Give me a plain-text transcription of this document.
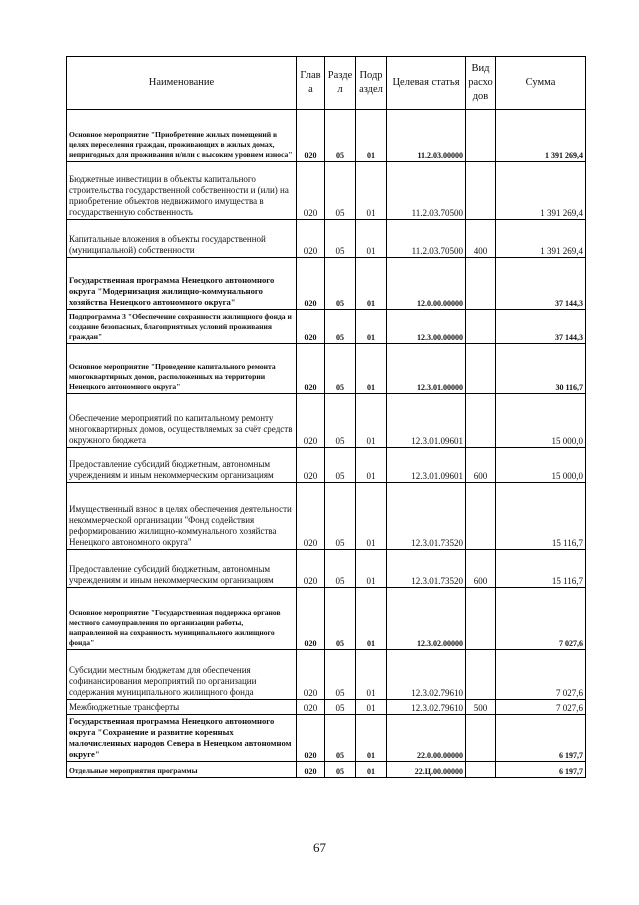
Наименование	Глав а	Разде л	Подр аздел	Целевая статья	Вид расхо дов	Сумма
Основное мероприятие "Приобретение жилых помещений в целях переселения граждан, проживающих в жилых домах, непригодных для проживания и/или с высоким уровнем износа"	020	05	01	11.2.03.00000		1 391 269,4
Бюджетные инвестиции в объекты капитального строительства государственной собственности и (или) на приобретение объектов недвижимого имущества в государственную собственность	020	05	01	11.2.03.70500		1 391 269,4
Капитальные вложения в объекты государственной (муниципальной) собственности	020	05	01	11.2.03.70500	400	1 391 269,4
Государственная программа Ненецкого автономного округа "Модернизация жилищно-коммунального хозяйства Ненецкого автономного округа"	020	05	01	12.0.00.00000		37 144,3
Подпрограмма 3 "Обеспечение сохранности жилищного фонда и создание безопасных, благоприятных условий проживания граждан"	020	05	01	12.3.00.00000		37 144,3
Основное мероприятие "Проведение капитального ремонта многоквартирных домов, расположенных на территории Ненецкого автономного округа"	020	05	01	12.3.01.00000		30 116,7
Обеспечение мероприятий по капитальному ремонту многоквартирных домов, осуществляемых за счёт средств окружного бюджета	020	05	01	12.3.01.09601		15 000,0
Предоставление субсидий бюджетным, автономным учреждениям и иным некоммерческим организациям	020	05	01	12.3.01.09601	600	15 000,0
Имущественный взнос в целях обеспечения деятельности некоммерческой организации "Фонд содействия реформированию жилищно-коммунального хозяйства Ненецкого автономного округа"	020	05	01	12.3.01.73520		15 116,7
Предоставление субсидий бюджетным, автономным учреждениям и иным некоммерческим организациям	020	05	01	12.3.01.73520	600	15 116,7
Основное мероприятие "Государственная поддержка органов местного самоуправления по организации работы, направленной на сохранность муниципального жилищного фонда"	020	05	01	12.3.02.00000		7 027,6
Субсидии местным бюджетам для обеспечения софинансирования мероприятий по организации содержания муниципального жилищного фонда	020	05	01	12.3.02.79610		7 027,6
Межбюджетные трансферты	020	05	01	12.3.02.79610	500	7 027,6
Государственная программа Ненецкого автономного округа "Сохранение и развитие коренных малочисленных народов Севера в Ненецком автономном округе"	020	05	01	22.0.00.00000		6 197,7
Отдельные мероприятия программы	020	05	01	22.Ц.00.00000		6 197,7
67
